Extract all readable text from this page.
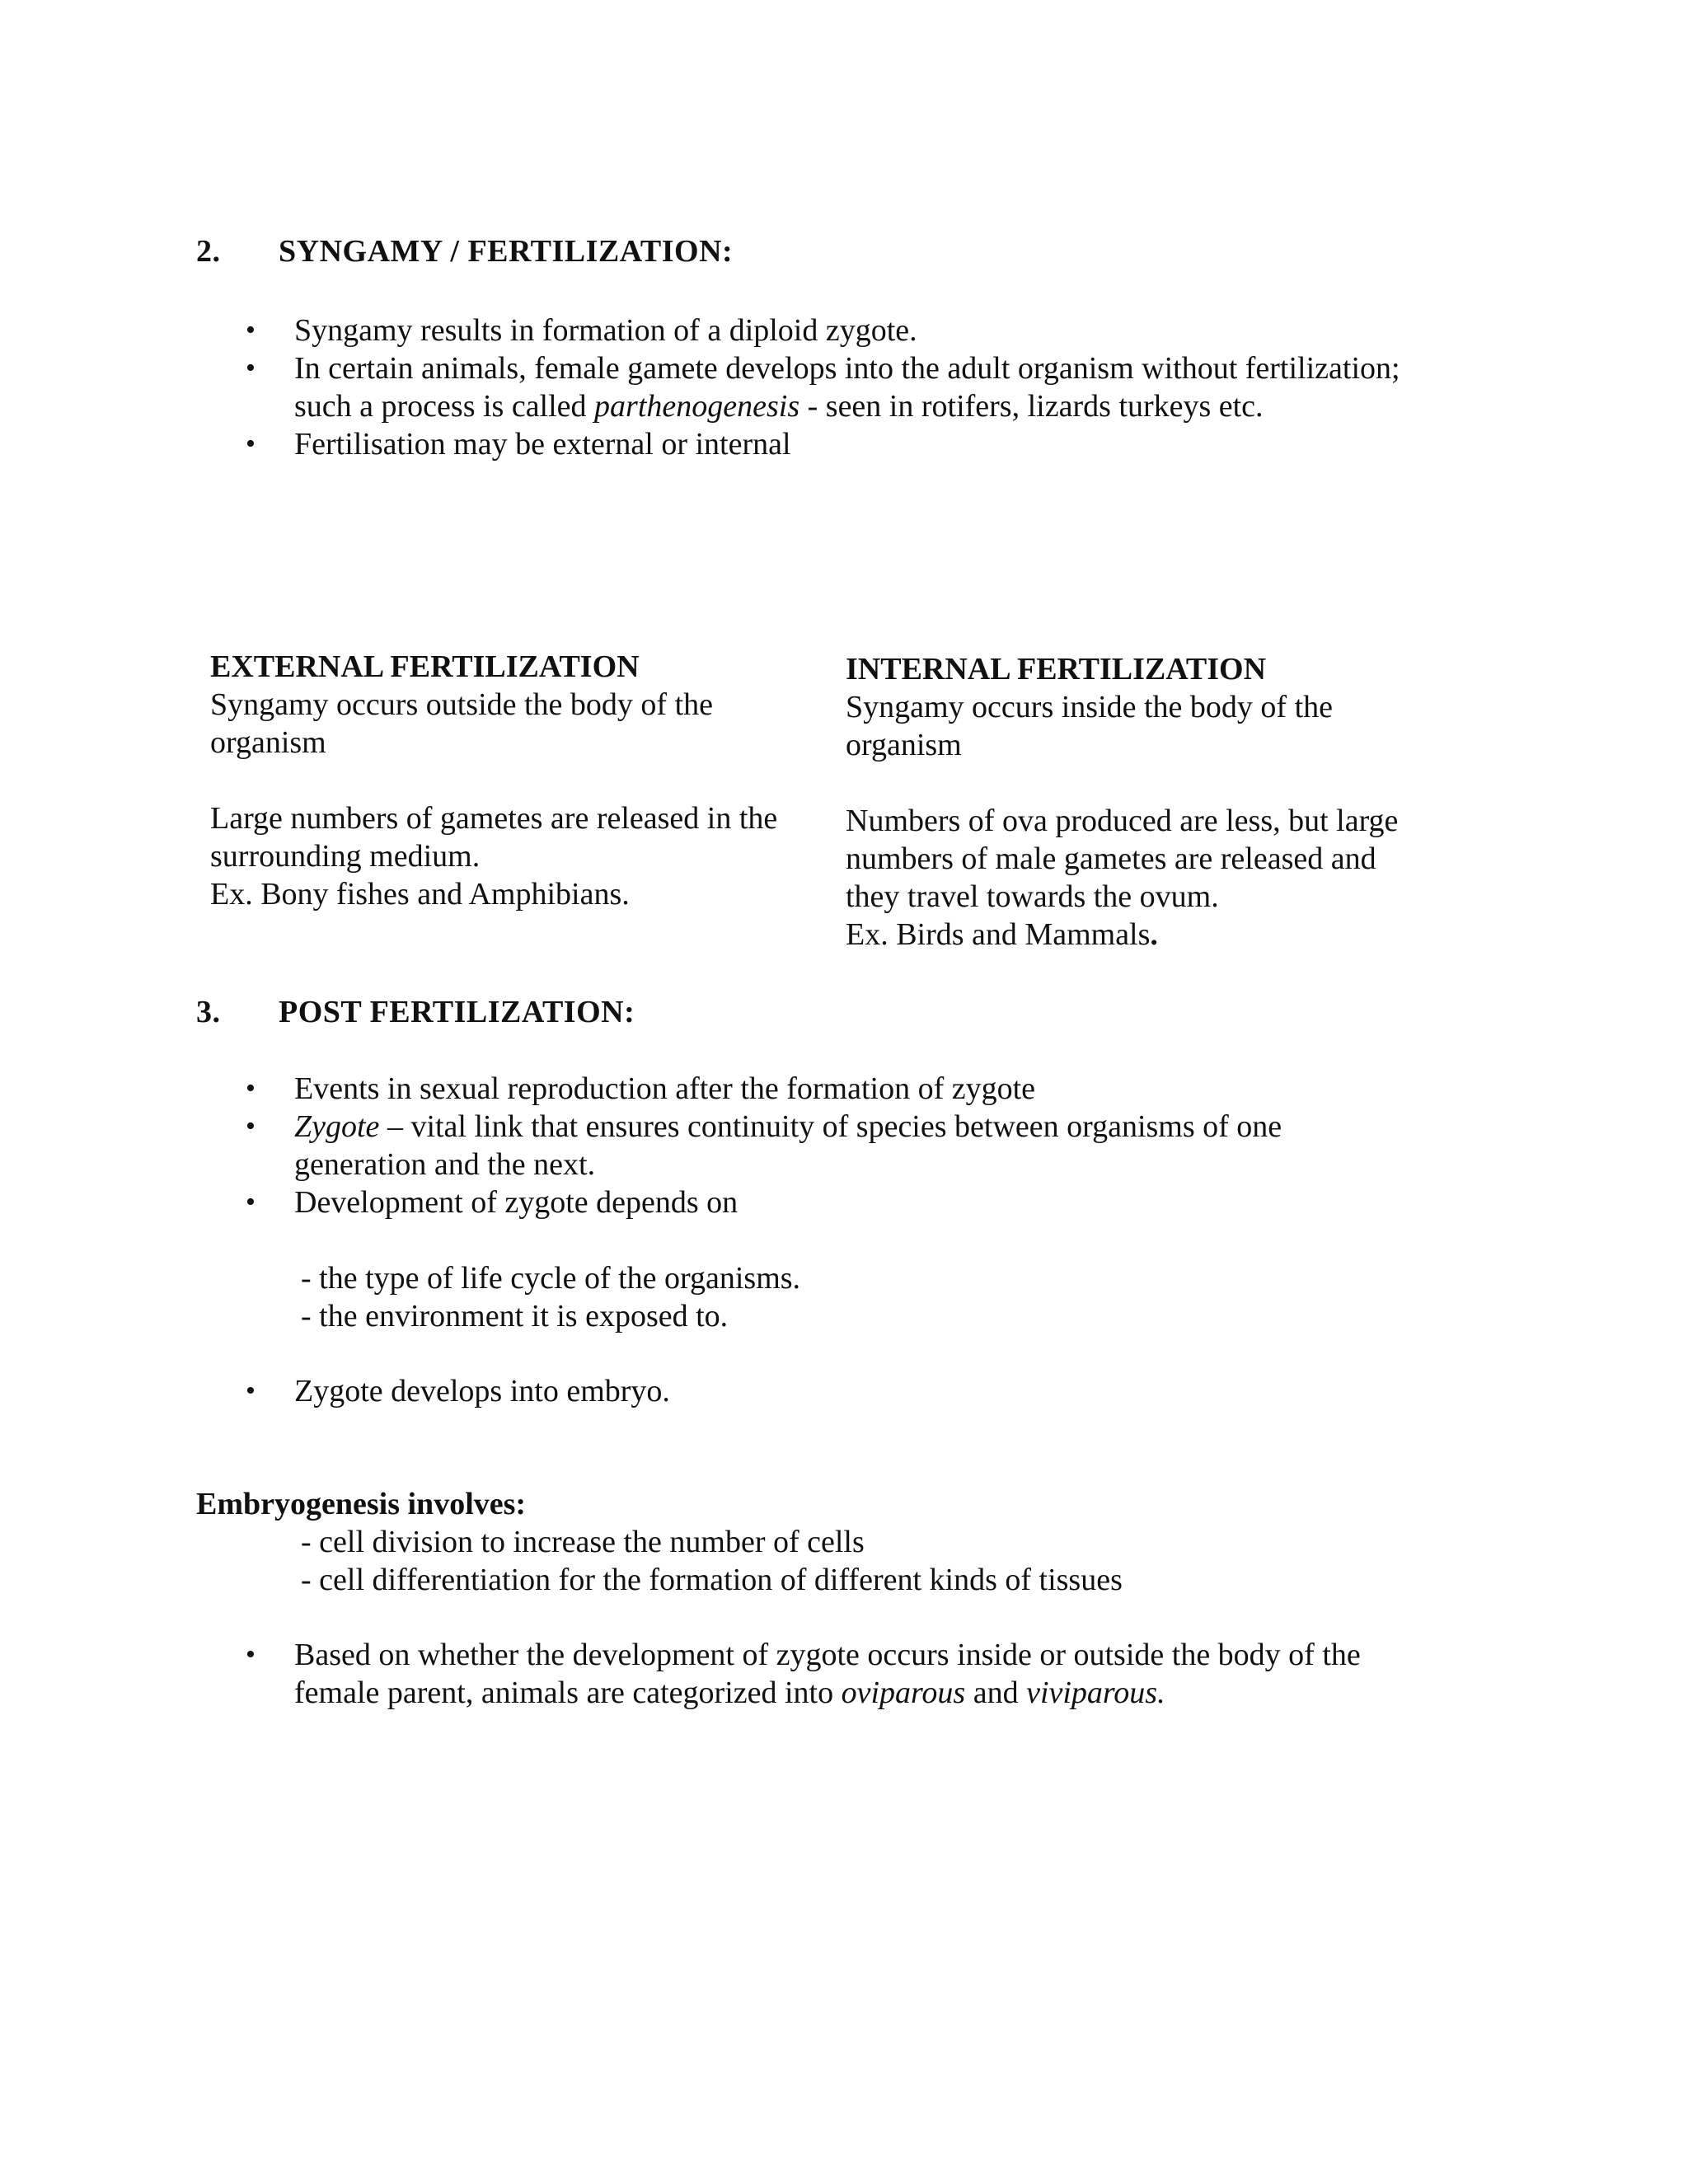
2. SYNGAMY / FERTILIZATION:
• Syngamy results in formation of a diploid zygote.
• In certain animals, female gamete develops into the adult organism without fertilization;
such a process is called parthenogenesis - seen in rotifers, lizards turkeys etc.
• Fertilisation may be external or internal
EXTERNAL FERTILIZATION

Syngamy occurs outside the body of the

organism

Large numbers of gametes are released in the

surrounding medium.

Ex. Bony fishes and Amphibians.

INTERNAL FERTILIZATION

Syngamy occurs inside the body of the

organism

Numbers of ova produced are less, but large

numbers of male gametes are released and

they travel towards the ovum.

Ex. Birds and Mammals.

3. POST FERTILIZATION:
• Events in sexual reproduction after the formation of zygote
• Zygote – vital link that ensures continuity of species between organisms of one
generation and the next.
• Development of zygote depends on
- the type of life cycle of the organisms.
- the environment it is exposed to.
• Zygote develops into embryo.
Embryogenesis involves:
- cell division to increase the number of cells
- cell differentiation for the formation of different kinds of tissues
• Based on whether the development of zygote occurs inside or outside the body of the
female parent, animals are categorized into oviparous and viviparous.
